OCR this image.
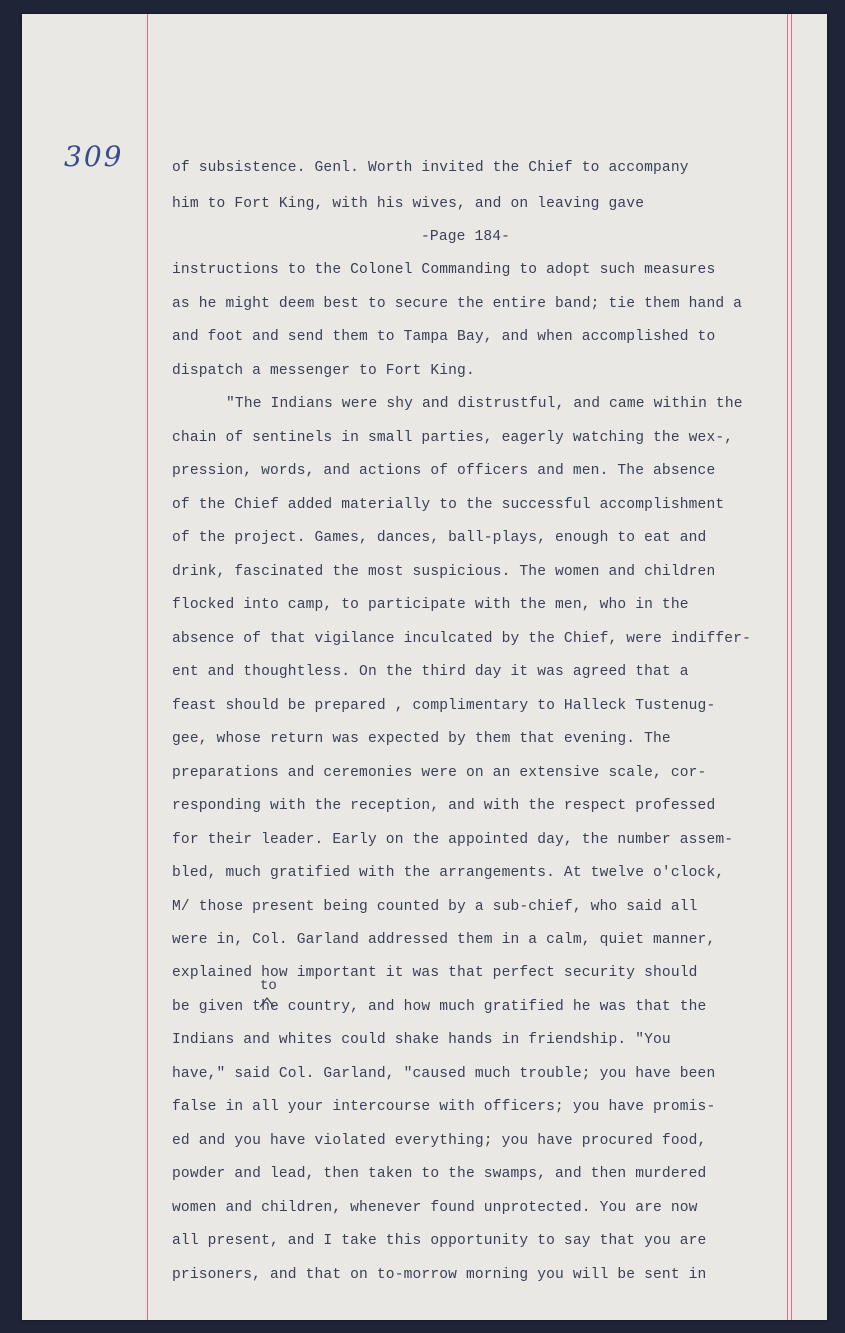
309	of subsistence. Genl. Worth invited the Chief to accompany
him to Fort King, with his wives, and on leaving gave
-Page 184-
instructions to the Colonel Commanding to adopt such measures
as he might deem best to secure the entire band; tie them hand a
and foot and send them to Tampa Bay, and when accomplished to
dispatch a messenger to Fort King.
"The Indians were shy and distrustful, and came within the
chain of sentinels in small parties, eagerly watching the wex-,
pression, words, and actions of officers and men. The absence
of the Chief added materially to the successful accomplishment
of the project. Games, dances, ball-plays, enough to eat and
drink, fascinated the most suspicious. The women and children
flocked into camp, to participate with the men, who in the
absence of that vigilance inculcated by the Chief, were indiffer-
ent and thoughtless. On the third day it was agreed that a
feast should be prepared , complimentary to Halleck Tustenug-
gee, whose return was expected by them that evening. The
preparations and ceremonies were on an extensive scale, cor-
responding with the reception, and with the respect professed
for their leader. Early on the appointed day, the number assem-
bled, much gratified with the arrangements. At twelve o'clock,
M/ those present being counted by a sub-chief, who said all
were in, Col. Garland addressed them in a calm, quiet manner,
explained how important it was that perfect security should
to
be given the country, and how much gratified he was that the
Indians and whites could shake hands in friendship. "You
have," said Col. Garland, "caused much trouble; you have been
false in all your intercourse with officers; you have promis-
ed and you have violated everything; you have procured food,
powder and lead, then taken to the swamps, and then murdered
women and children, whenever found unprotected. You are now
all present, and I take this opportunity to say that you are
prisoners, and that on to-morrow morning you will be sent in
